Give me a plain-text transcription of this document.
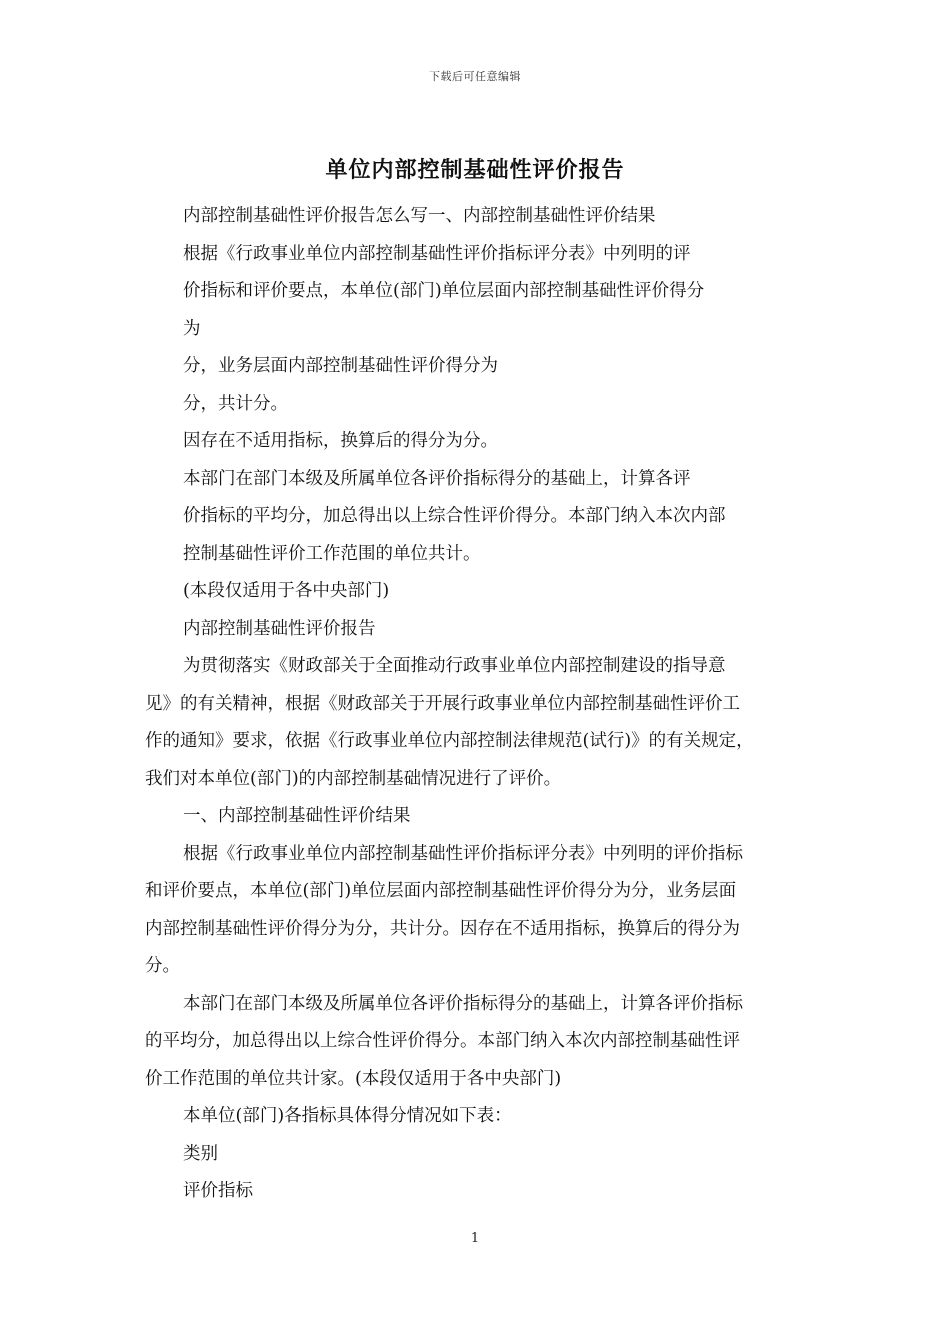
下载后可任意编辑
单位内部控制基础性评价报告
内部控制基础性评价报告怎么写一、内部控制基础性评价结果
根据《行政事业单位内部控制基础性评价指标评分表》中列明的评
价指标和评价要点，本单位(部门)单位层面内部控制基础性评价得分
为
分，业务层面内部控制基础性评价得分为
分，共计分。
因存在不适用指标，换算后的得分为分。
本部门在部门本级及所属单位各评价指标得分的基础上，计算各评
价指标的平均分，加总得出以上综合性评价得分。本部门纳入本次内部
控制基础性评价工作范围的单位共计。
(本段仅适用于各中央部门)
内部控制基础性评价报告
为贯彻落实《财政部关于全面推动行政事业单位内部控制建设的指导意
见》的有关精神，根据《财政部关于开展行政事业单位内部控制基础性评价工
作的通知》要求，依据《行政事业单位内部控制法律规范(试行)》的有关规定，
我们对本单位(部门)的内部控制基础情况进行了评价。
一、内部控制基础性评价结果
根据《行政事业单位内部控制基础性评价指标评分表》中列明的评价指标
和评价要点，本单位(部门)单位层面内部控制基础性评价得分为分，业务层面
内部控制基础性评价得分为分，共计分。因存在不适用指标，换算后的得分为
分。
本部门在部门本级及所属单位各评价指标得分的基础上，计算各评价指标
的平均分，加总得出以上综合性评价得分。本部门纳入本次内部控制基础性评
价工作范围的单位共计家。(本段仅适用于各中央部门)
本单位(部门)各指标具体得分情况如下表：
类别
评价指标
1
